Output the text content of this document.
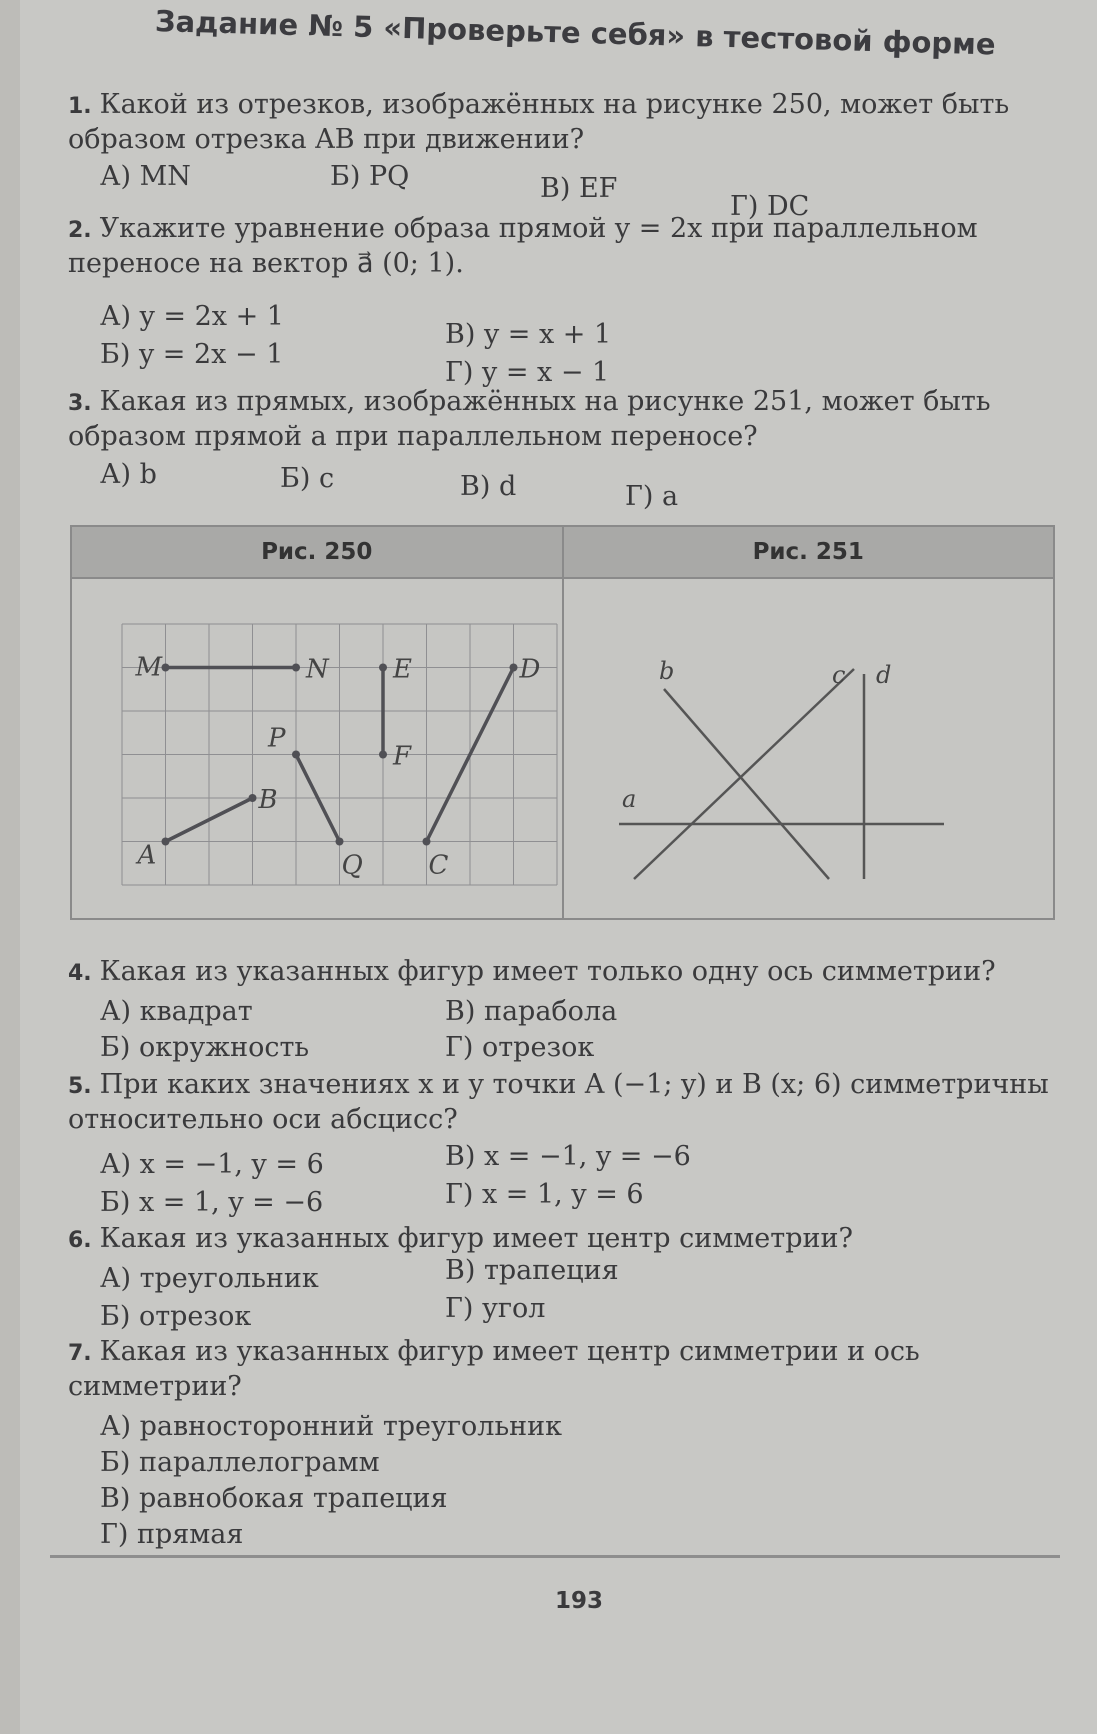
Задание № 5 «Проверьте себя» в тестовой форме
1. Какой из отрезков, изображённых на рисунке 250, может быть образом отрезка AB при движении?
А) MN	Б) PQ	В) EF
Г) DC
2. Укажите уравнение образа прямой y = 2x при параллельном переносе на вектор a⃗ (0; 1).
А) y = 2x + 1
В) y = x + 1
Б) y = 2x − 1
Г) y = x − 1
3. Какая из прямых, изображённых на рисунке 251, может быть образом прямой a при параллельном переносе?
А) b	Б) c	В) d	Г) a
Рис. 250
M	N E
F
D
C
P
Q
A
B
Рис. 251
b	c d
a
4. Какая из указанных фигур имеет только одну ось симметрии?
А) квадрат	В) парабола
Б) окружность	Г) отрезок
5. При каких значениях x и y точки A (−1; y) и B (x; 6) симметричны относительно оси абсцисс?
А) x = −1, y = 6	В) x = −1, y = −6
Б) x = 1, y = −6	Г) x = 1, y = 6
6. Какая из указанных фигур имеет центр симметрии?
А) треугольник	В) трапеция
Б) отрезок	Г) угол
7. Какая из указанных фигур имеет центр симметрии и ось симметрии?
А) равносторонний треугольник
Б) параллелограмм
В) равнобокая трапеция
Г) прямая
193
